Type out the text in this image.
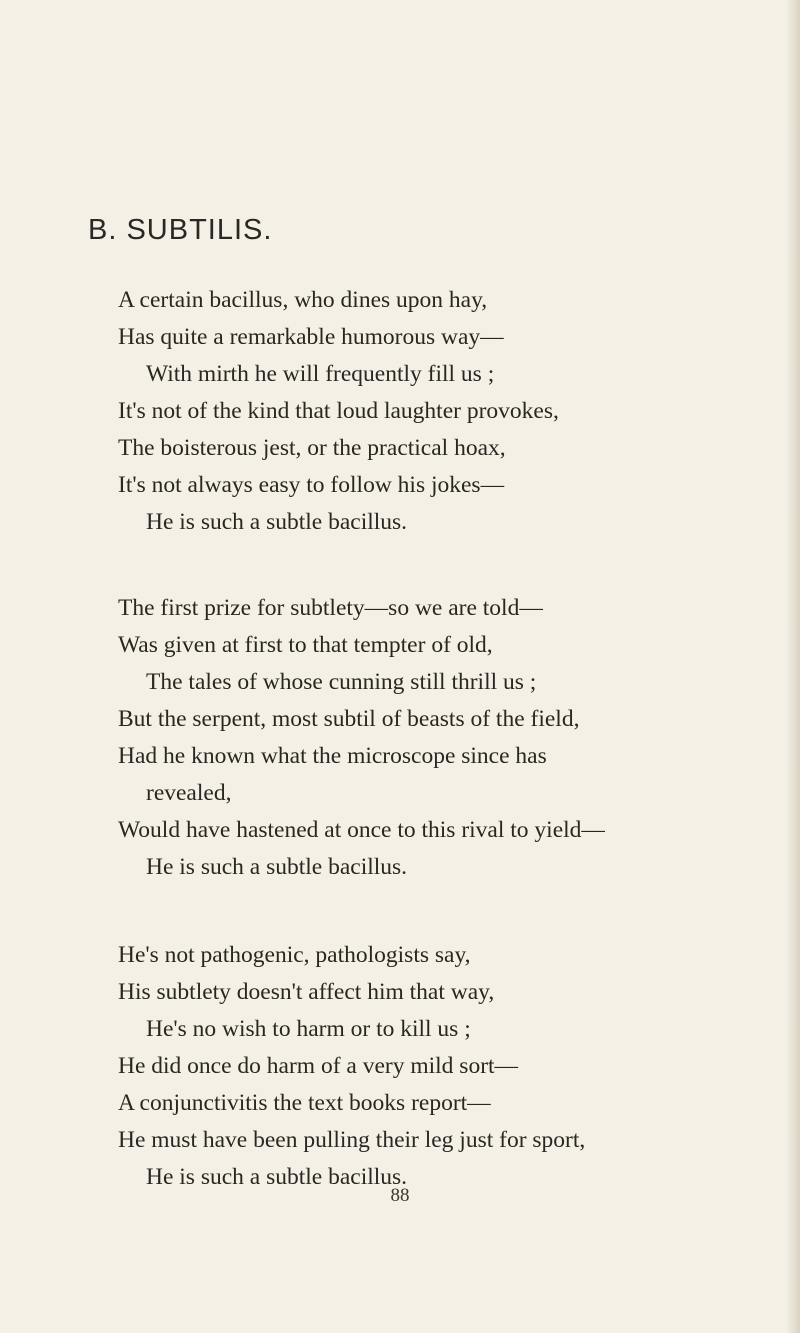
B. SUBTILIS.
A certain bacillus, who dines upon hay,
Has quite a remarkable humorous way—
With mirth he will frequently fill us ;
It's not of the kind that loud laughter provokes,
The boisterous jest, or the practical hoax,
It's not always easy to follow his jokes—
He is such a subtle bacillus.
The first prize for subtlety—so we are told—
Was given at first to that tempter of old,
The tales of whose cunning still thrill us ;
But the serpent, most subtil of beasts of the field,
Had he known what the microscope since has
revealed,
Would have hastened at once to this rival to yield—
He is such a subtle bacillus.
He's not pathogenic, pathologists say,
His subtlety doesn't affect him that way,
He's no wish to harm or to kill us ;
He did once do harm of a very mild sort—
A conjunctivitis the text books report—
He must have been pulling their leg just for sport,
He is such a subtle bacillus.
88
